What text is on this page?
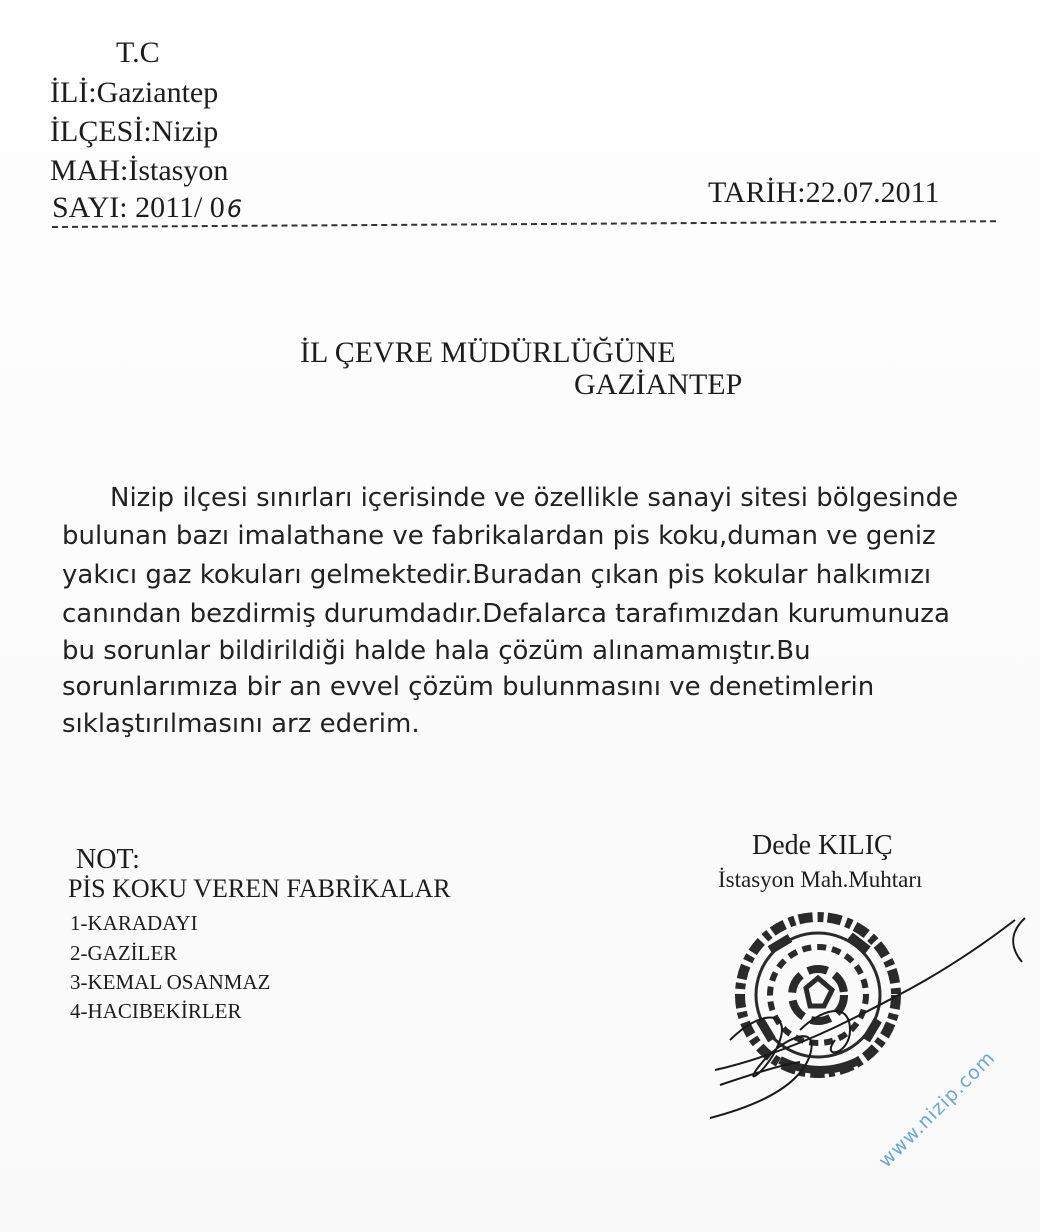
T.C
İLİ:Gaziantep
İLÇESİ:Nizip
MAH:İstasyon
SAYI: 2011/ 06	TARİH:22.07.2011
İL ÇEVRE MÜDÜRLÜĞÜNE
GAZİANTEP
Nizip ilçesi sınırları içerisinde ve özellikle sanayi sitesi bölgesinde
bulunan bazı imalathane ve fabrikalardan pis koku,duman ve geniz
yakıcı gaz kokuları gelmektedir.Buradan çıkan pis kokular halkımızı
canından bezdirmiş durumdadır.Defalarca tarafımızdan kurumunuza
bu sorunlar bildirildiği halde hala çözüm alınamamıştır.Bu
sorunlarımıza bir an evvel çözüm bulunmasını ve denetimlerin
sıklaştırılmasını arz ederim.
NOT:
PİS KOKU VEREN FABRİKALAR
1-KARADAYI
2-GAZİLER
3-KEMAL OSANMAZ
4-HACIBEKİRLER
Dede KILIÇ
İstasyon Mah.Muhtarı
www.nizip.com
